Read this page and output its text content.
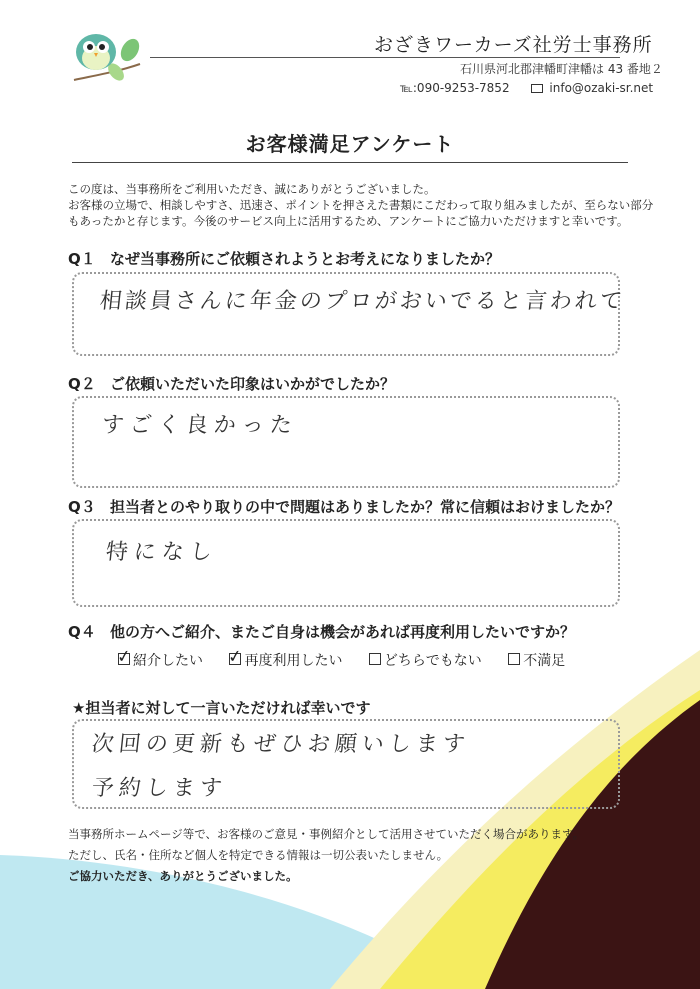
おざきワーカーズ社労士事務所
石川県河北郡津幡町津幡は 43 番地２
℡:090-9253-7852	info@ozaki-sr.net
お客様満足アンケート
この度は、当事務所をご利用いただき、誠にありがとうございました。
お客様の立場で、相談しやすさ、迅速さ、ポイントを押さえた書類にこだわって取り組みましたが、至らない部分
もあったかと存じます。今後のサービス向上に活用するため、アンケートにご協力いただけますと幸いです。
Q１ なぜ当事務所にご依頼されようとお考えになりましたか？
相談員さんに年金のプロがおいでると言われて
Q２ ご依頼いただいた印象はいかがでしたか？
すごく良かった
Q３ 担当者とのやり取りの中で問題はありましたか？常に信頼はおけましたか？
特になし
Q４ 他の方へご紹介、またご自身は機会があれば再度利用したいですか？
✓ 紹介したい ✓ 再度利用したい	どちらでもない	不満足
★担当者に対して一言いただければ幸いです
次回の更新もぜひお願いします
予約します
当事務所ホームページ等で、お客様のご意見・事例紹介として活用させていただく場合があります。
ただし、氏名・住所など個人を特定できる情報は一切公表いたしません。
ご協力いただき、ありがとうございました。
